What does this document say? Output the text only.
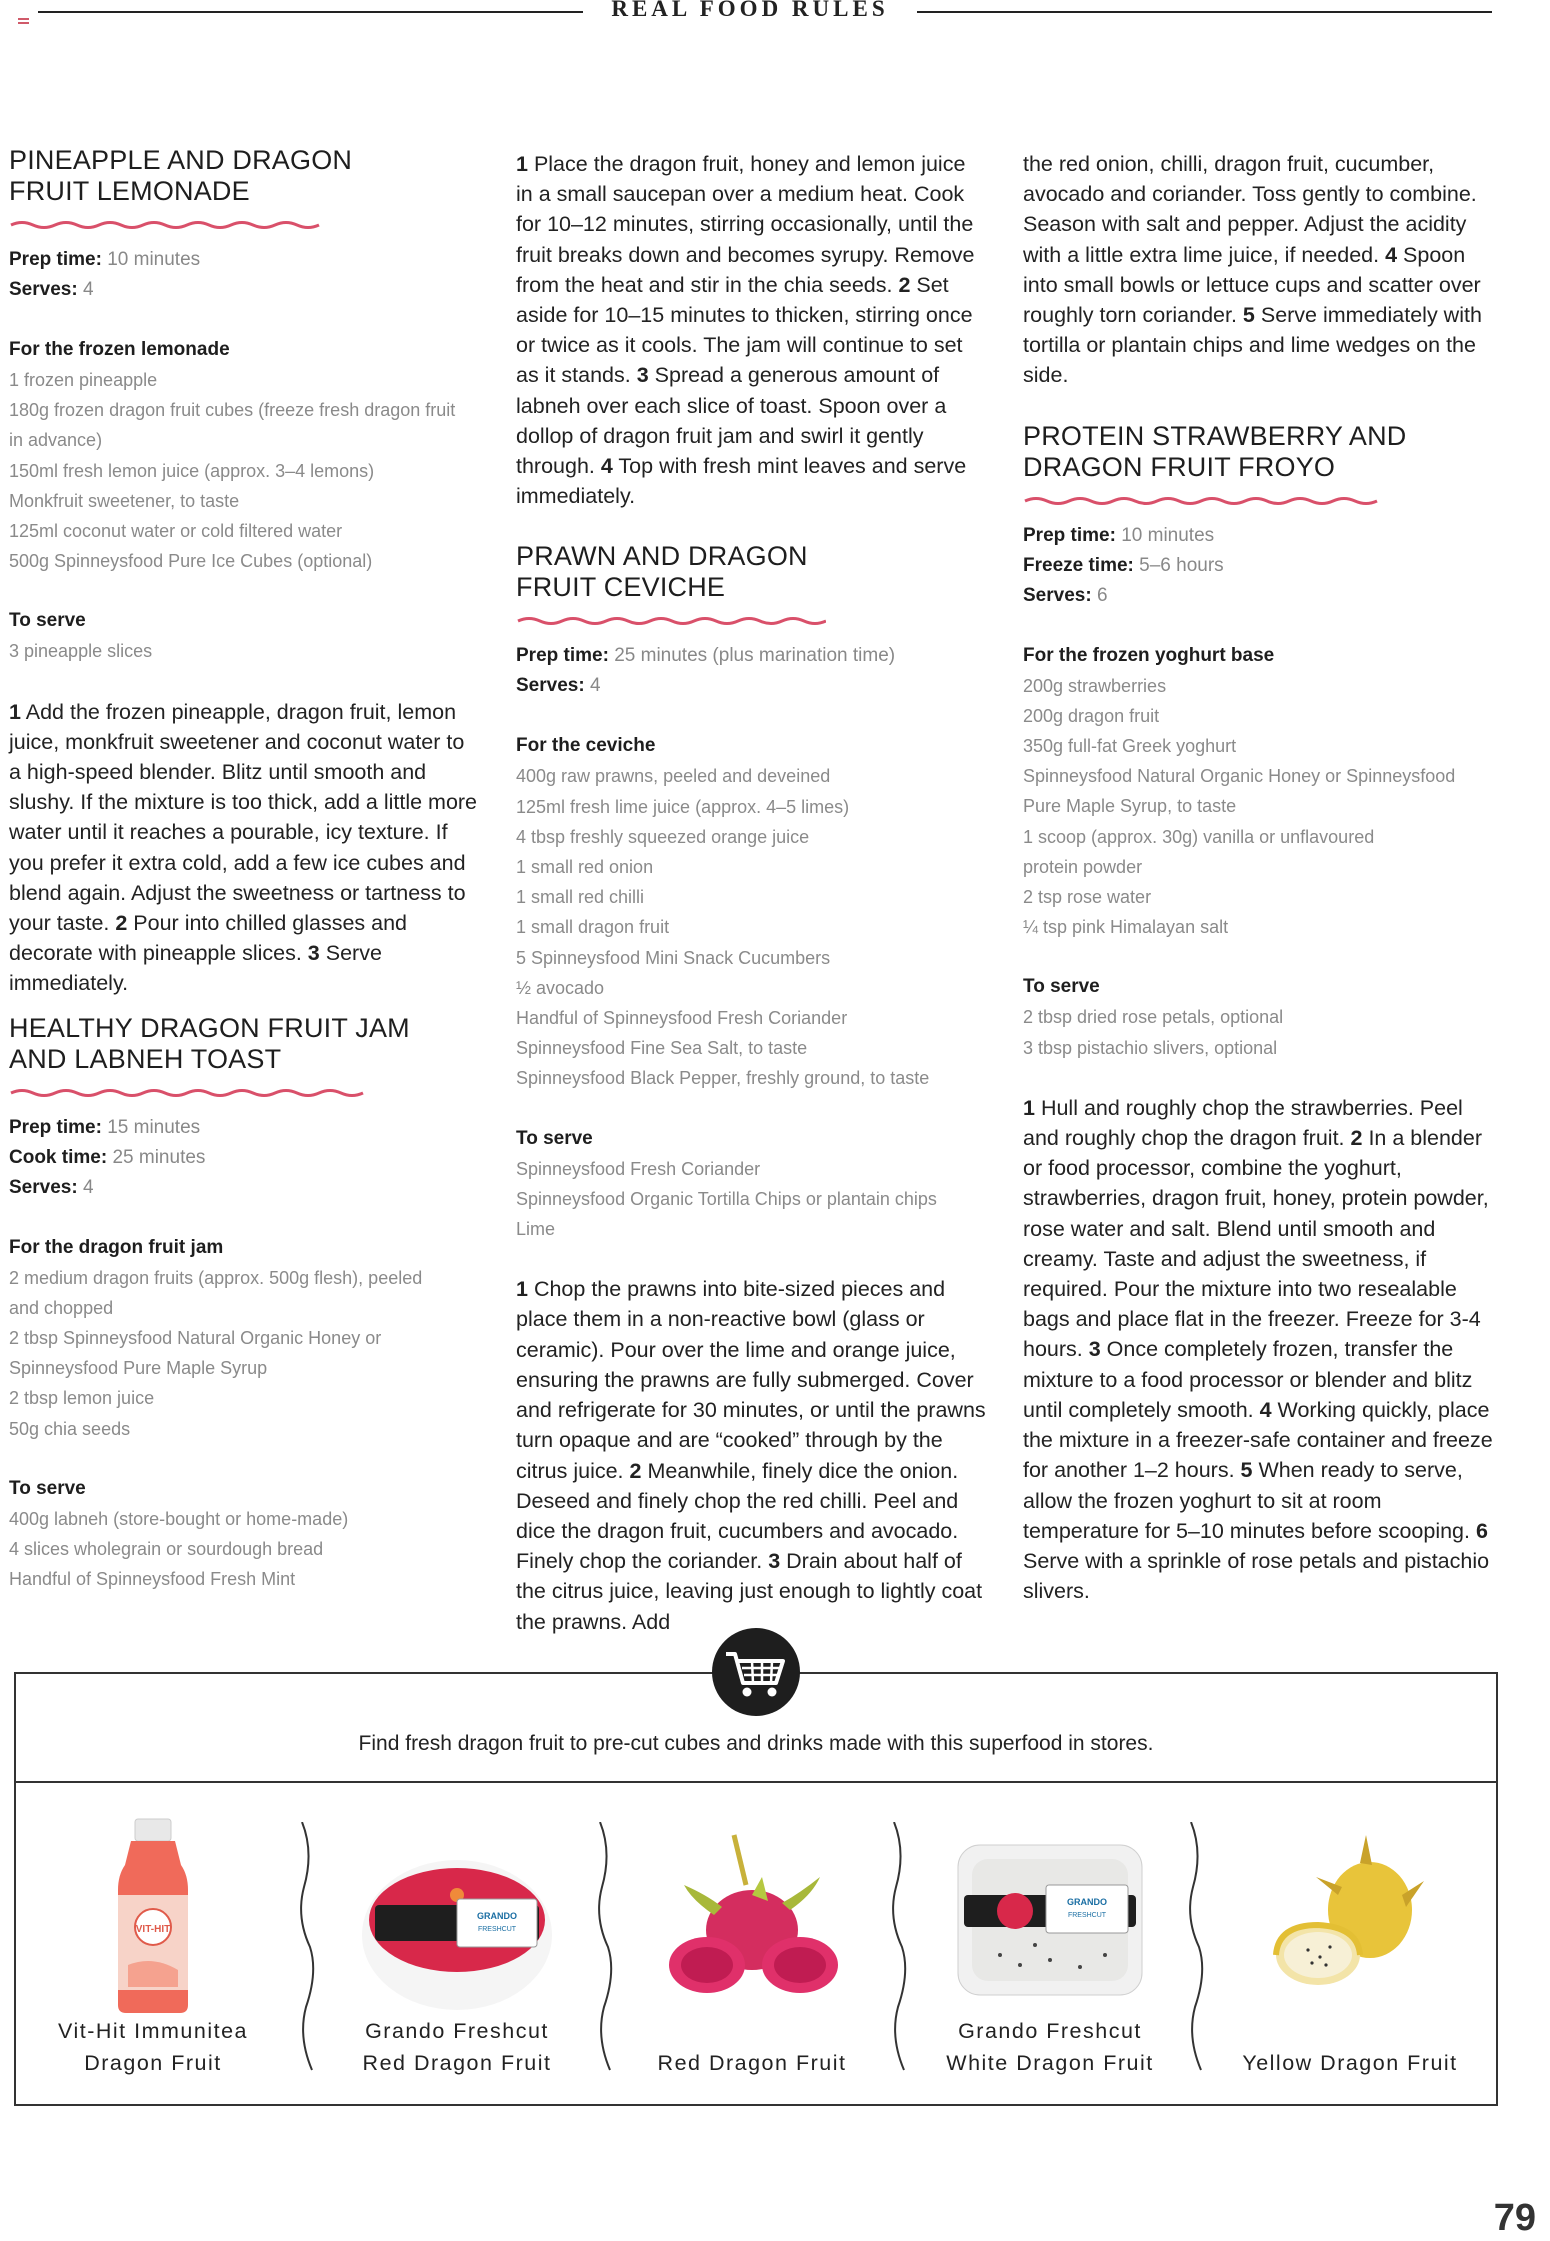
REAL FOOD RULES
PINEAPPLE AND DRAGON
FRUIT LEMONADE
Prep time: 10 minutes
Serves: 4
For the frozen lemonade
1 frozen pineapple
180g frozen dragon fruit cubes (freeze fresh dragon fruit
in advance)
150ml fresh lemon juice (approx. 3–4 lemons)
Monkfruit sweetener, to taste
125ml coconut water or cold filtered water
500g Spinneysfood Pure Ice Cubes (optional)
To serve
3 pineapple slices
1 Add the frozen pineapple, dragon fruit, lemon juice, monkfruit sweetener and coconut water to a high-speed blender. Blitz until smooth and slushy. If the mixture is too thick, add a little more water until it reaches a pourable, icy texture. If you prefer it extra cold, add a few ice cubes and blend again. Adjust the sweetness or tartness to your taste. 2 Pour into chilled glasses and decorate with pineapple slices. 3 Serve immediately.
HEALTHY DRAGON FRUIT JAM
AND LABNEH TOAST
Prep time: 15 minutes
Cook time: 25 minutes
Serves: 4
For the dragon fruit jam
2 medium dragon fruits (approx. 500g flesh), peeled
and chopped
2 tbsp Spinneysfood Natural Organic Honey or
Spinneysfood Pure Maple Syrup
2 tbsp lemon juice
50g chia seeds
To serve
400g labneh (store-bought or home-made)
4 slices wholegrain or sourdough bread
Handful of Spinneysfood Fresh Mint
1 Place the dragon fruit, honey and lemon juice in a small saucepan over a medium heat. Cook for 10–12 minutes, stirring occasionally, until the fruit breaks down and becomes syrupy. Remove from the heat and stir in the chia seeds. 2 Set aside for 10–15 minutes to thicken, stirring once or twice as it cools. The jam will continue to set as it stands. 3 Spread a generous amount of labneh over each slice of toast. Spoon over a dollop of dragon fruit jam and swirl it gently through. 4 Top with fresh mint leaves and serve immediately.
PRAWN AND DRAGON
FRUIT CEVICHE
Prep time: 25 minutes (plus marination time)
Serves: 4
For the ceviche
400g raw prawns, peeled and deveined
125ml fresh lime juice (approx. 4–5 limes)
4 tbsp freshly squeezed orange juice
1 small red onion
1 small red chilli
1 small dragon fruit
5 Spinneysfood Mini Snack Cucumbers
½ avocado
Handful of Spinneysfood Fresh Coriander
Spinneysfood Fine Sea Salt, to taste
Spinneysfood Black Pepper, freshly ground, to taste
To serve
Spinneysfood Fresh Coriander
Spinneysfood Organic Tortilla Chips or plantain chips
Lime
1 Chop the prawns into bite-sized pieces and place them in a non-reactive bowl (glass or ceramic). Pour over the lime and orange juice, ensuring the prawns are fully submerged. Cover and refrigerate for 30 minutes, or until the prawns turn opaque and are “cooked” through by the citrus juice. 2 Meanwhile, finely dice the onion. Deseed and finely chop the red chilli. Peel and dice the dragon fruit, cucumbers and avocado. Finely chop the coriander. 3 Drain about half of the citrus juice, leaving just enough to lightly coat the prawns. Add
the red onion, chilli, dragon fruit, cucumber, avocado and coriander. Toss gently to combine. Season with salt and pepper. Adjust the acidity with a little extra lime juice, if needed. 4 Spoon into small bowls or lettuce cups and scatter over roughly torn coriander. 5 Serve immediately with tortilla or plantain chips and lime wedges on the side.
PROTEIN STRAWBERRY AND
DRAGON FRUIT FROYO
Prep time: 10 minutes
Freeze time: 5–6 hours
Serves: 6
For the frozen yoghurt base
200g strawberries
200g dragon fruit
350g full-fat Greek yoghurt
Spinneysfood Natural Organic Honey or Spinneysfood
Pure Maple Syrup, to taste
1 scoop (approx. 30g) vanilla or unflavoured
protein powder
2 tsp rose water
¼ tsp pink Himalayan salt
To serve
2 tbsp dried rose petals, optional
3 tbsp pistachio slivers, optional
1 Hull and roughly chop the strawberries. Peel and roughly chop the dragon fruit. 2 In a blender or food processor, combine the yoghurt, strawberries, dragon fruit, honey, protein powder, rose water and salt. Blend until smooth and creamy. Taste and adjust the sweetness, if required. Pour the mixture into two resealable bags and place flat in the freezer. Freeze for 3-4 hours. 3 Once completely frozen, transfer the mixture to a food processor or blender and blitz until completely smooth. 4 Working quickly, place the mixture in a freezer-safe container and freeze for another 1–2 hours. 5 When ready to serve, allow the frozen yoghurt to sit at room temperature for 5–10 minutes before scooping. 6 Serve with a sprinkle of rose petals and pistachio slivers.
Find fresh dragon fruit to pre-cut cubes and drinks made with this superfood in stores.
VIT-HIT
Vit-Hit Immunitea
Dragon Fruit
GRANDO
FRESHCUT
Grando Freshcut
Red Dragon Fruit	Red Dragon Fruit
GRANDO
FRESHCUT
Grando Freshcut
White Dragon Fruit	Yellow Dragon Fruit
79
